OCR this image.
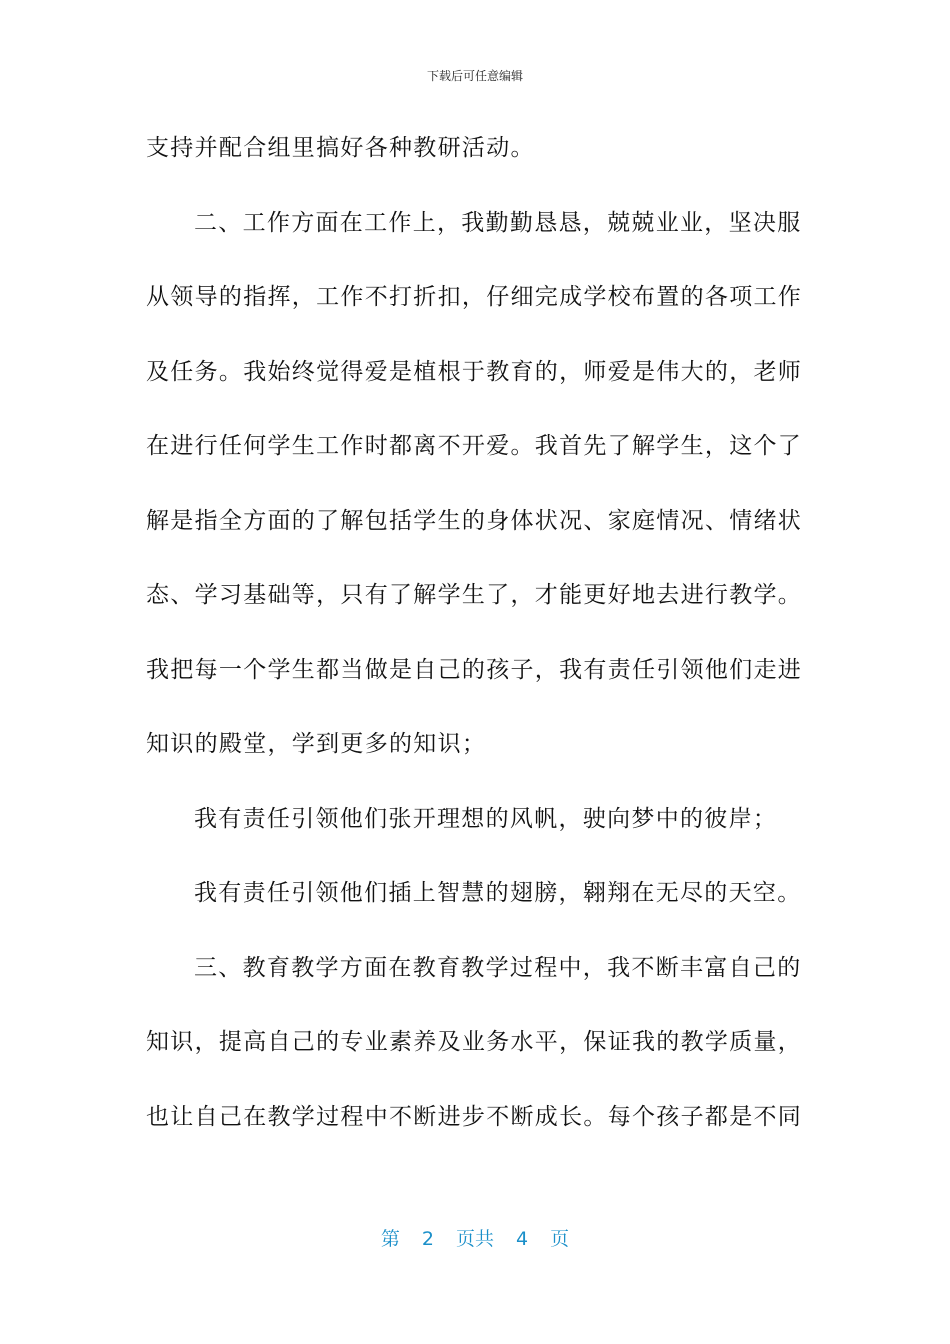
下载后可任意编辑
支持并配合组里搞好各种教研活动。
二、工作方面在工作上，我勤勤恳恳，兢兢业业，坚决服
从领导的指挥，工作不打折扣，仔细完成学校布置的各项工作
及任务。我始终觉得爱是植根于教育的，师爱是伟大的，老师
在进行任何学生工作时都离不开爱。我首先了解学生，这个了
解是指全方面的了解包括学生的身体状况、家庭情况、情绪状
态、学习基础等，只有了解学生了，才能更好地去进行教学。
我把每一个学生都当做是自己的孩子，我有责任引领他们走进
知识的殿堂，学到更多的知识；
我有责任引领他们张开理想的风帆，驶向梦中的彼岸；
我有责任引领他们插上智慧的翅膀，翱翔在无尽的天空。
三、教育教学方面在教育教学过程中，我不断丰富自己的
知识，提高自己的专业素养及业务水平，保证我的教学质量，
也让自己在教学过程中不断进步不断成长。每个孩子都是不同
第 2 页共 4 页
